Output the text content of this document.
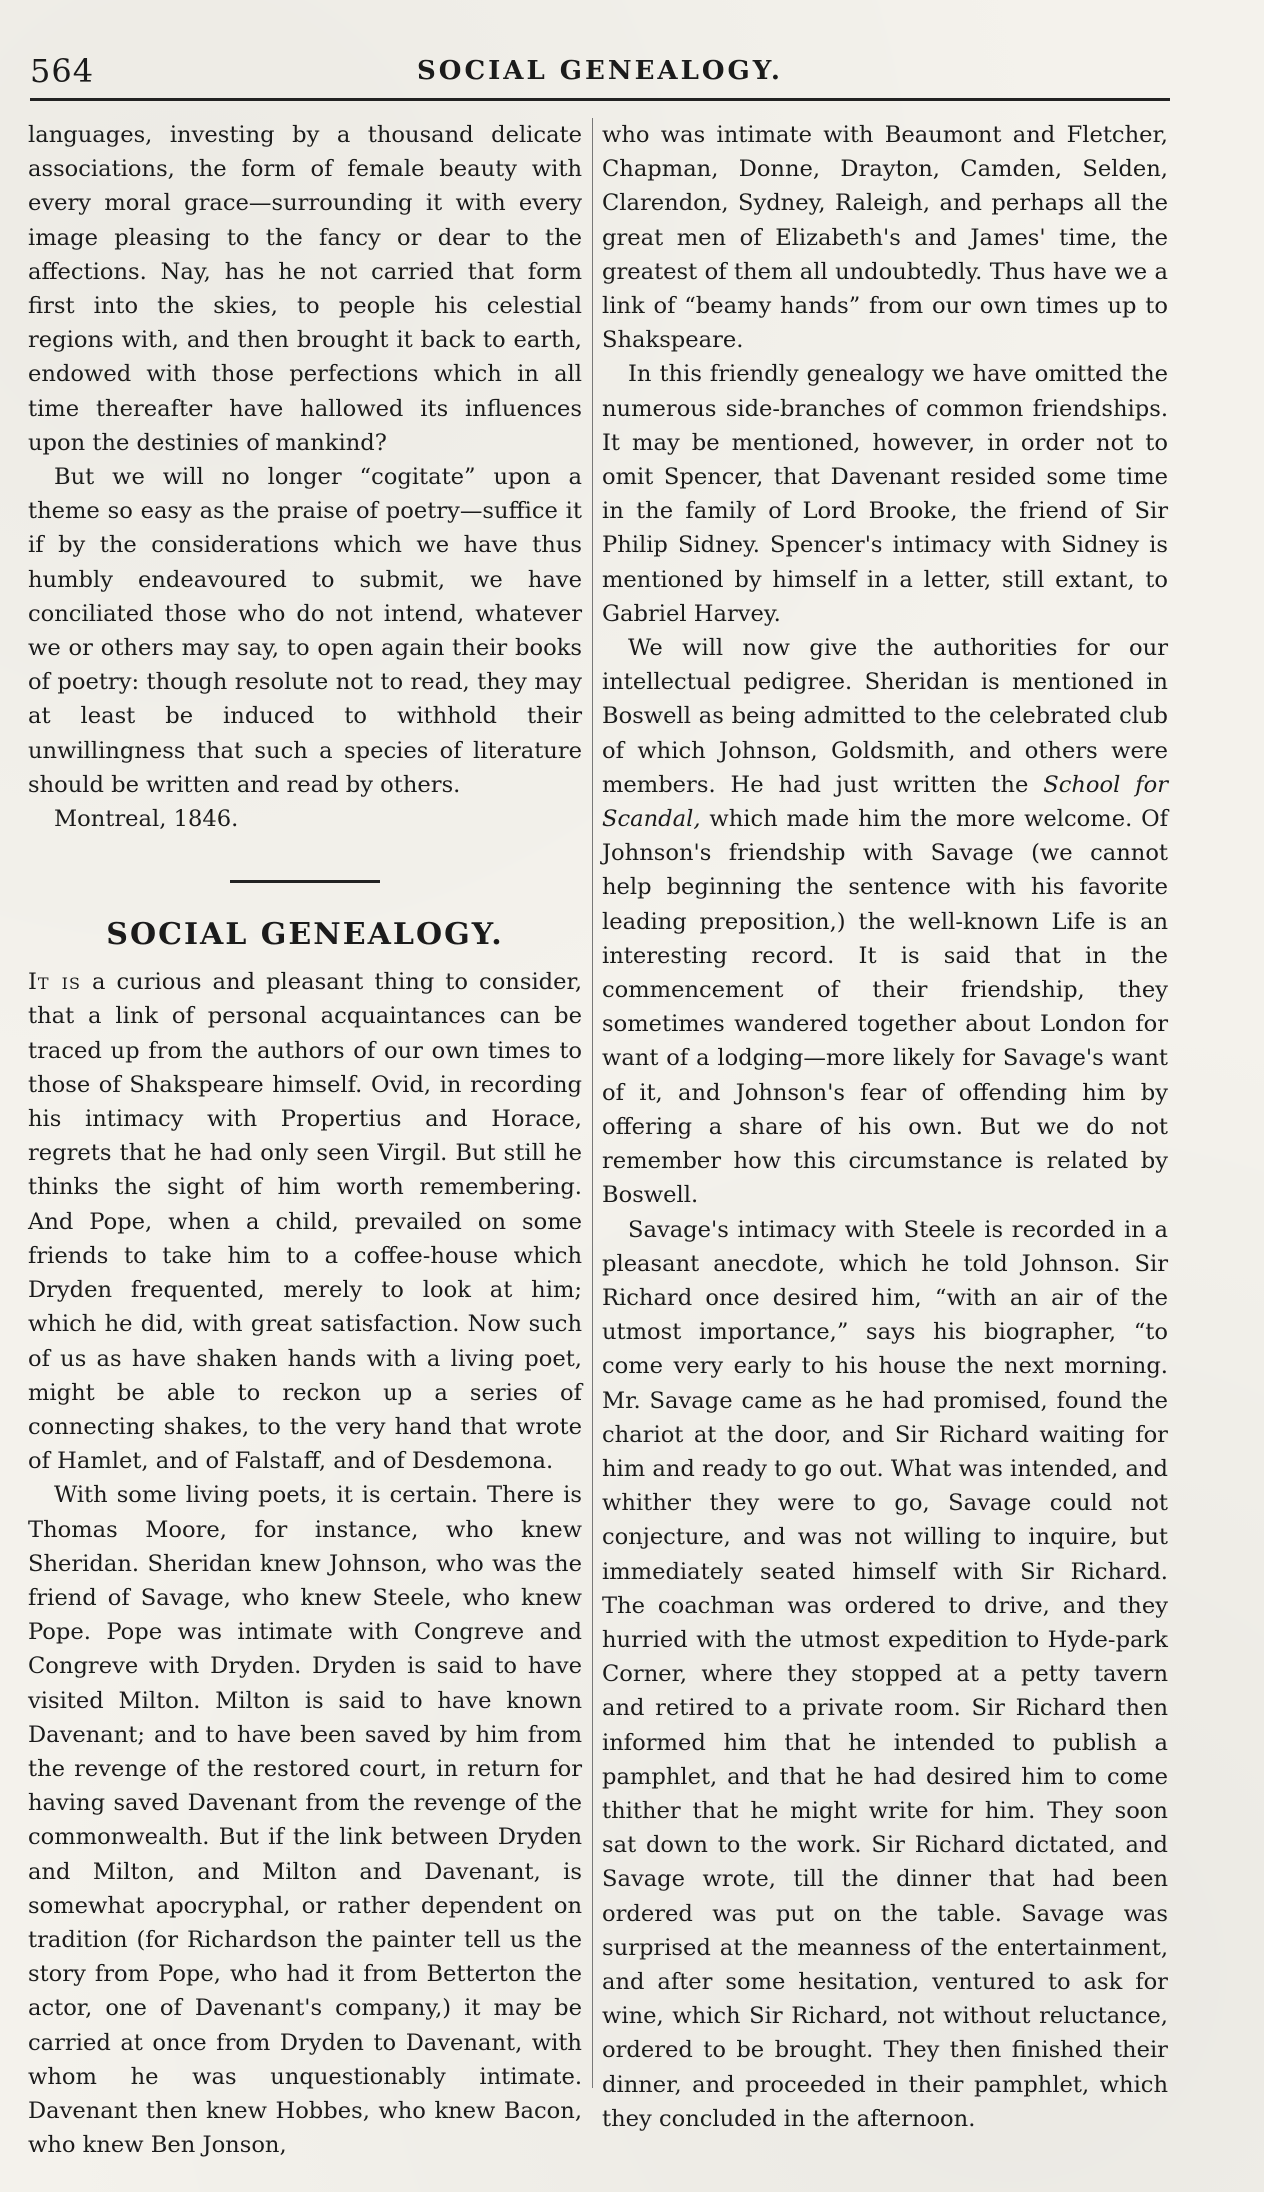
564	SOCIAL GENEALOGY.

languages, investing by a thousand delicate associations, the form of female beauty with every moral grace—surrounding it with every image pleasing to the fancy or dear to the affections. Nay, has he not carried that form first into the skies, to people his celestial regions with, and then brought it back to earth, endowed with those perfections which in all time thereafter have hallowed its influences upon the destinies of mankind?

But we will no longer “cogitate” upon a theme so easy as the praise of poetry—suffice it if by the considerations which we have thus humbly endeavoured to submit, we have conciliated those who do not intend, whatever we or others may say, to open again their books of poetry: though resolute not to read, they may at least be induced to withhold their unwillingness that such a species of literature should be written and read by others.

Montreal, 1846.

SOCIAL GENEALOGY.

It is a curious and pleasant thing to consider, that a link of personal acquaintances can be traced up from the authors of our own times to those of Shakspeare himself. Ovid, in recording his intimacy with Propertius and Horace, regrets that he had only seen Virgil. But still he thinks the sight of him worth remembering. And Pope, when a child, prevailed on some friends to take him to a coffee-house which Dryden frequented, merely to look at him; which he did, with great satisfaction. Now such of us as have shaken hands with a living poet, might be able to reckon up a series of connecting shakes, to the very hand that wrote of Hamlet, and of Falstaff, and of Desdemona.

With some living poets, it is certain. There is Thomas Moore, for instance, who knew Sheridan. Sheridan knew Johnson, who was the friend of Savage, who knew Steele, who knew Pope. Pope was intimate with Congreve and Congreve with Dryden. Dryden is said to have visited Milton. Milton is said to have known Davenant; and to have been saved by him from the revenge of the restored court, in return for having saved Davenant from the revenge of the commonwealth. But if the link between Dryden and Milton, and Milton and Davenant, is somewhat apocryphal, or rather dependent on tradition (for Richardson the painter tell us the story from Pope, who had it from Betterton the actor, one of Davenant's company,) it may be carried at once from Dryden to Davenant, with whom he was unquestionably intimate. Davenant then knew Hobbes, who knew Bacon, who knew Ben Jonson,

who was intimate with Beaumont and Fletcher, Chapman, Donne, Drayton, Camden, Selden, Clarendon, Sydney, Raleigh, and perhaps all the great men of Elizabeth's and James' time, the greatest of them all undoubtedly. Thus have we a link of “beamy hands” from our own times up to Shakspeare.

In this friendly genealogy we have omitted the numerous side-branches of common friendships. It may be mentioned, however, in order not to omit Spencer, that Davenant resided some time in the family of Lord Brooke, the friend of Sir Philip Sidney. Spencer's intimacy with Sidney is mentioned by himself in a letter, still extant, to Gabriel Harvey.

We will now give the authorities for our intellectual pedigree. Sheridan is mentioned in Boswell as being admitted to the celebrated club of which Johnson, Goldsmith, and others were members. He had just written the School for Scandal, which made him the more welcome. Of Johnson's friendship with Savage (we cannot help beginning the sentence with his favorite leading preposition,) the well-known Life is an interesting record. It is said that in the commencement of their friendship, they sometimes wandered together about London for want of a lodging—more likely for Savage's want of it, and Johnson's fear of offending him by offering a share of his own. But we do not remember how this circumstance is related by Boswell.

Savage's intimacy with Steele is recorded in a pleasant anecdote, which he told Johnson. Sir Richard once desired him, “with an air of the utmost importance,” says his biographer, “to come very early to his house the next morning. Mr. Savage came as he had promised, found the chariot at the door, and Sir Richard waiting for him and ready to go out. What was intended, and whither they were to go, Savage could not conjecture, and was not willing to inquire, but immediately seated himself with Sir Richard. The coachman was ordered to drive, and they hurried with the utmost expedition to Hyde-park Corner, where they stopped at a petty tavern and retired to a private room. Sir Richard then informed him that he intended to publish a pamphlet, and that he had desired him to come thither that he might write for him. They soon sat down to the work. Sir Richard dictated, and Savage wrote, till the dinner that had been ordered was put on the table. Savage was surprised at the meanness of the entertainment, and after some hesitation, ventured to ask for wine, which Sir Richard, not without reluctance, ordered to be brought. They then finished their dinner, and proceeded in their pamphlet, which they concluded in the afternoon.
